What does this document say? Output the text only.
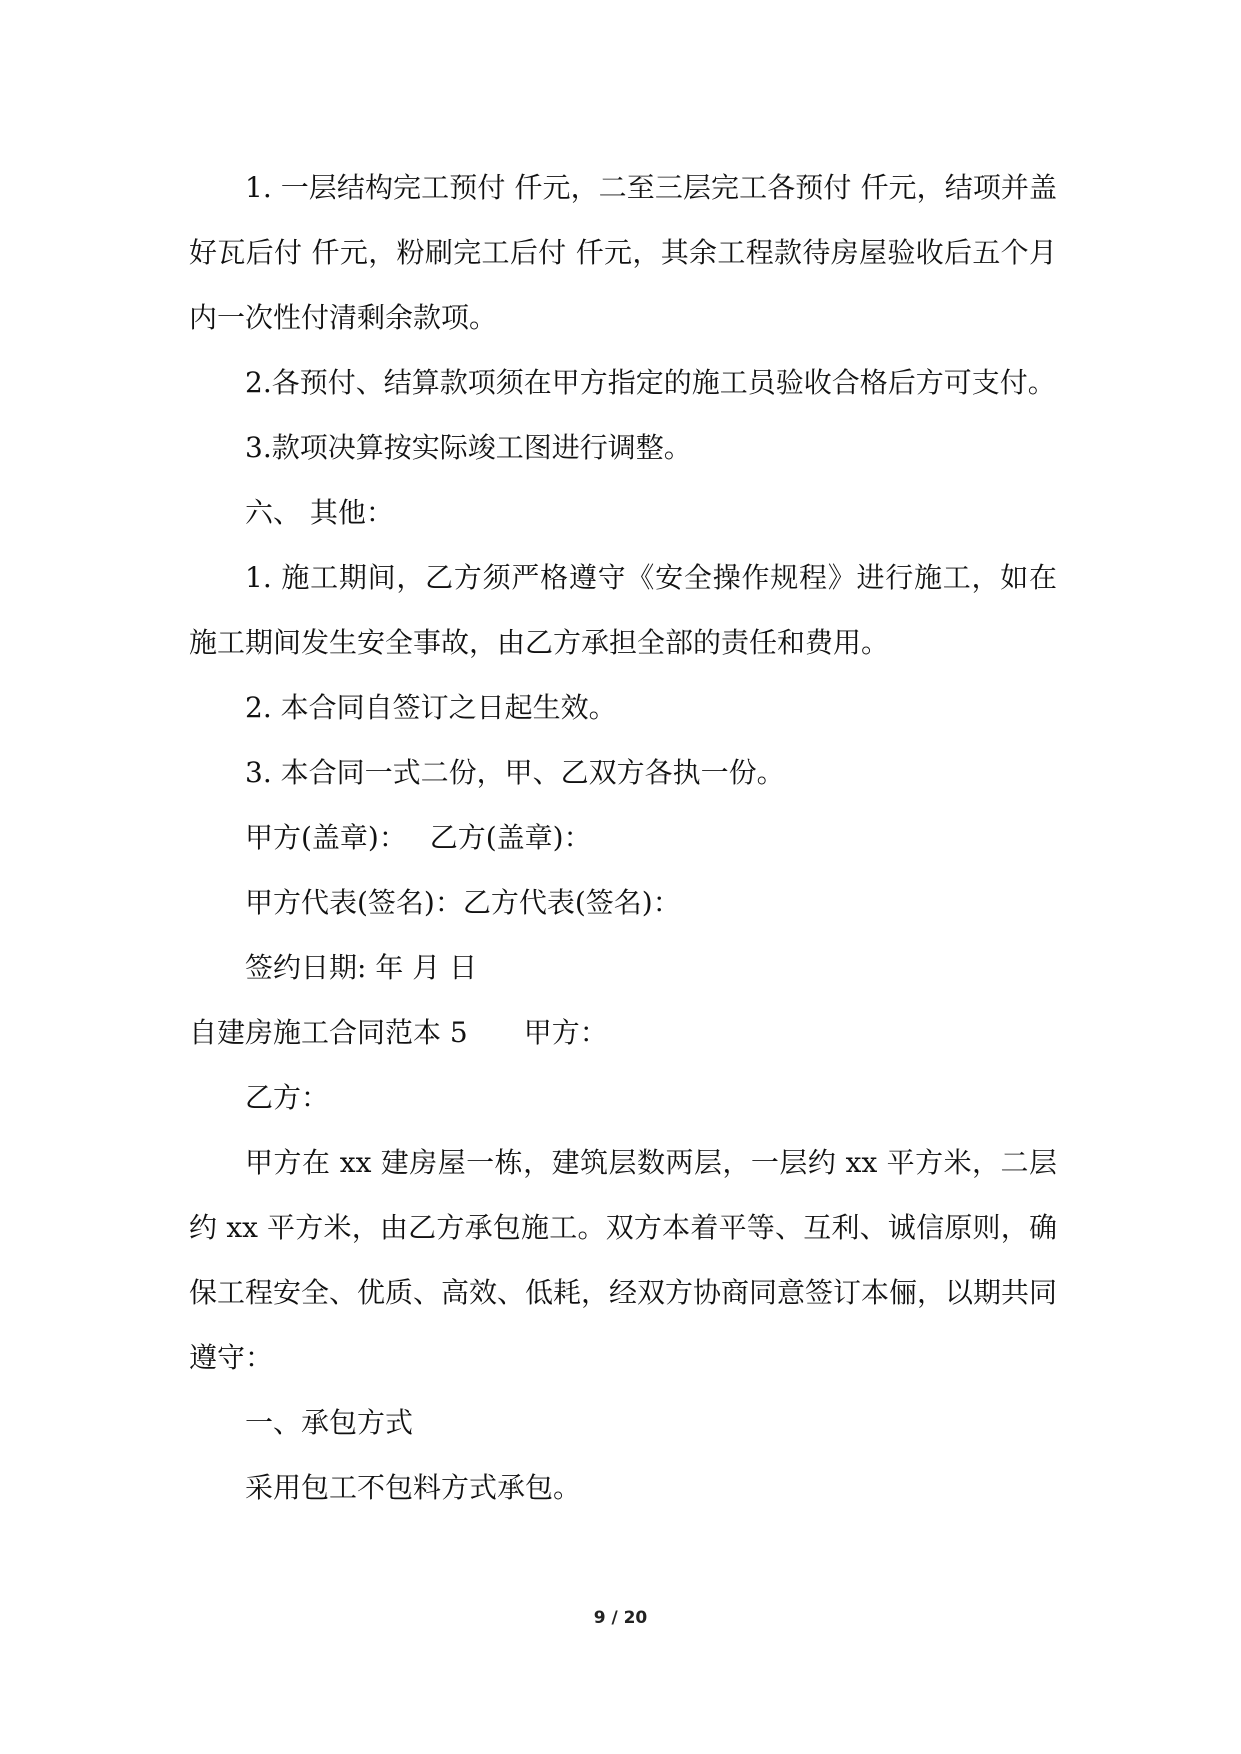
1. 一层结构完工预付 仟元，二至三层完工各预付 仟元，结项并盖好瓦后付 仟元，粉刷完工后付 仟元，其余工程款待房屋验收后五个月内一次性付清剩余款项。

2.各预付、结算款项须在甲方指定的施工员验收合格后方可支付。

3.款项决算按实际竣工图进行调整。

六、 其他：

1. 施工期间，乙方须严格遵守《安全操作规程》进行施工，如在施工期间发生安全事故，由乙方承担全部的责任和费用。

2. 本合同自签订之日起生效。

3. 本合同一式二份，甲、乙双方各执一份。

甲方(盖章)：　 乙方(盖章)：

甲方代表(签名)：乙方代表(签名)：

签约日期: 年 月 日

自建房施工合同范本 5　　甲方：

乙方：

甲方在 xx 建房屋一栋，建筑层数两层，一层约 xx 平方米，二层约 xx 平方米，由乙方承包施工。双方本着平等、互利、诚信原则，确保工程安全、优质、高效、低耗，经双方协商同意签订本俪，以期共同遵守：

一、承包方式

采用包工不包料方式承包。

9 / 20
